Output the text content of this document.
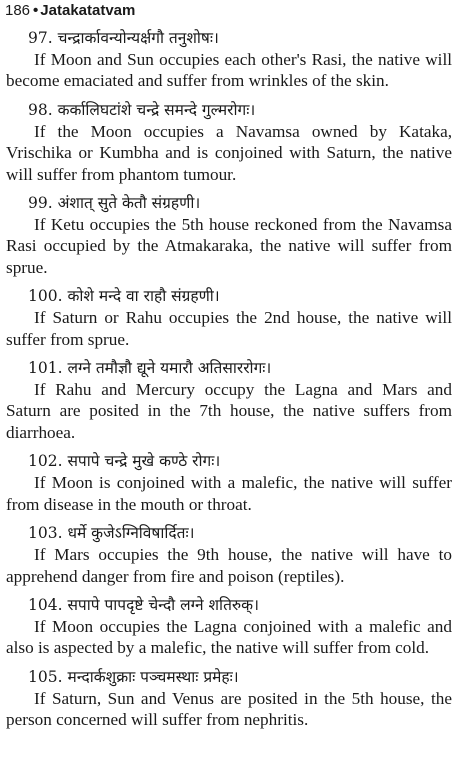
186 • Jatakatatvam
97. चन्द्रार्कावन्योन्यर्क्षगौ तनुशोषः।

If Moon and Sun occupies each other's Rasi, the native will become emaciated and suffer from wrinkles of the skin.

98. कर्कालिघटांशे चन्द्रे समन्दे गुल्मरोगः।

If the Moon occupies a Navamsa owned by Kataka, Vrischika or Kumbha and is conjoined with Saturn, the native will suffer from phantom tumour.

99. अंशात् सुते केतौ संग्रहणी।

If Ketu occupies the 5th house reckoned from the Navamsa Rasi occupied by the Atmakaraka, the native will suffer from sprue.

100. कोशे मन्दे वा राहौ संग्रहणी।

If Saturn or Rahu occupies the 2nd house, the native will suffer from sprue.

101. लग्ने तमौज्ञौ द्यूने यमारौ अतिसाररोगः।

If Rahu and Mercury occupy the Lagna and Mars and Saturn are posited in the 7th house, the native suffers from diarrhoea.

102. सपापे चन्द्रे मुखे कण्ठे रोगः।

If Moon is conjoined with a malefic, the native will suffer from disease in the mouth or throat.

103. धर्मे कुजेऽग्निविषार्दितः।

If Mars occupies the 9th house, the native will have to apprehend danger from fire and poison (reptiles).

104. सपापे पापदृष्टे चेन्दौ लग्ने शतिरुक्।

If Moon occupies the Lagna conjoined with a malefic and also is aspected by a malefic, the native will suffer from cold.

105. मन्दार्कशुक्राः पञ्चमस्थाः प्रमेहः।

If Saturn, Sun and Venus are posited in the 5th house, the person concerned will suffer from nephritis.
